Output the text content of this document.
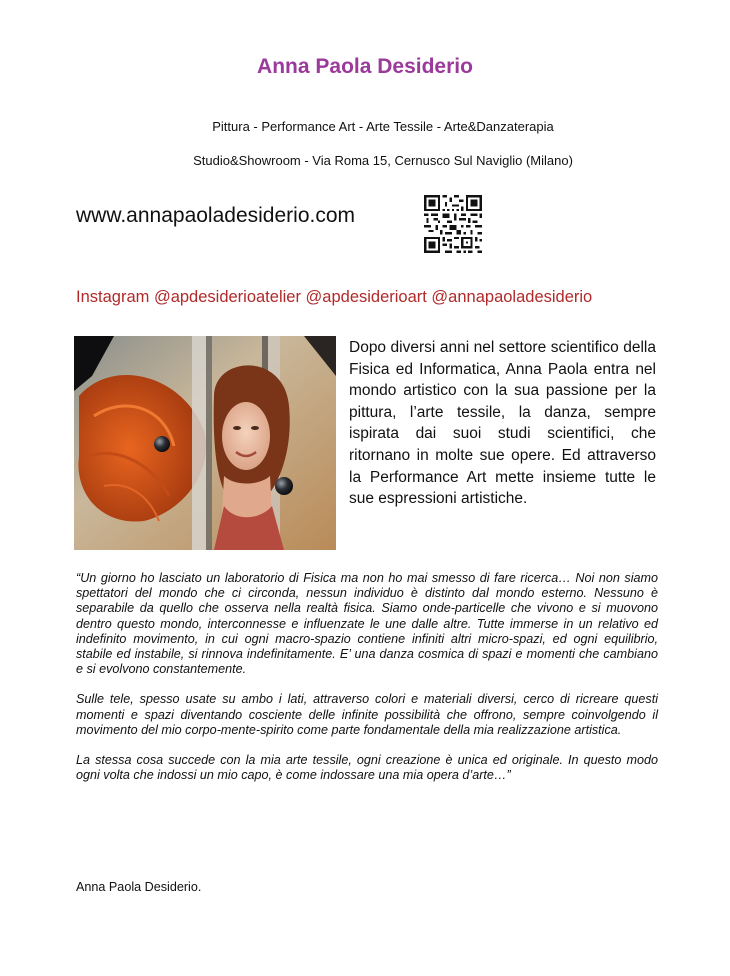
Anna Paola Desiderio
Pittura - Performance Art - Arte Tessile - Arte&Danzaterapia
Studio&Showroom - Via Roma 15, Cernusco Sul Naviglio (Milano)
www.annapaoladesiderio.com
Instagram @apdesiderioatelier @apdesiderioart @annapaoladesiderio
Dopo diversi anni nel settore scientifico della Fisica ed Informatica, Anna Paola entra nel mondo artistico con la sua passione per la pittura, l’arte tessile, la danza, sempre ispirata dai suoi studi scientifici, che ritornano in molte sue opere. Ed attraverso la Performance Art mette insieme tutte le sue espressioni artistiche.

“Un giorno ho lasciato un laboratorio di Fisica ma non ho mai smesso di fare ricerca… Noi non siamo spettatori del mondo che ci circonda, nessun individuo è distinto dal mondo esterno. Nessuno è separabile da quello che osserva nella realtà fisica. Siamo onde-particelle che vivono e si muovono dentro questo mondo, interconnesse e influenzate le une dalle altre. Tutte immerse in un relativo ed indefinito movimento, in cui ogni macro-spazio contiene infiniti altri micro-spazi, ed ogni equilibrio, stabile ed instabile, si rinnova indefinitamente. E’ una danza cosmica di spazi e momenti che cambiano e si evolvono constantemente.

Sulle tele, spesso usate su ambo i lati, attraverso colori e materiali diversi, cerco di ricreare questi momenti e spazi diventando cosciente delle infinite possibilità che offrono, sempre coinvolgendo il movimento del mio corpo-mente-spirito come parte fondamentale della mia realizzazione artistica.

La stessa cosa succede con la mia arte tessile, ogni creazione è unica ed originale. In questo modo ogni volta che indossi un mio capo, è come indossare una mia opera d’arte…”

Anna Paola Desiderio.
